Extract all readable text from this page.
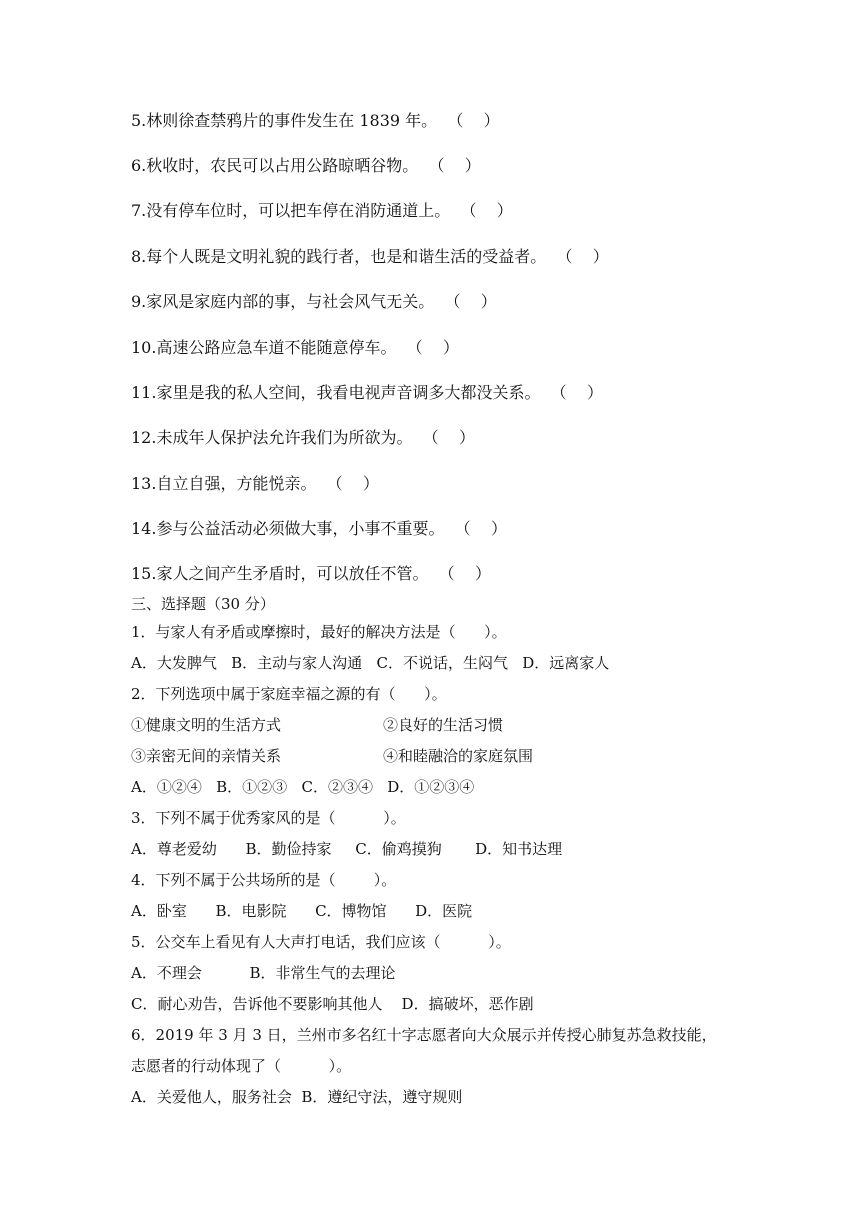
5.林则徐查禁鸦片的事件发生在 1839 年。  （    ）
6.秋收时，农民可以占用公路晾晒谷物。  （    ）
7.没有停车位时，可以把车停在消防通道上。  （    ）
8.每个人既是文明礼貌的践行者，也是和谐生活的受益者。  （    ）
9.家风是家庭内部的事，与社会风气无关。  （    ）
10.高速公路应急车道不能随意停车。  （    ）
11.家里是我的私人空间，我看电视声音调多大都没关系。  （    ）
12.未成年人保护法允许我们为所欲为。  （    ）
13.自立自强，方能悦亲。  （    ）
14.参与公益活动必须做大事，小事不重要。  （    ）
15.家人之间产生矛盾时，可以放任不管。  （    ）
三、选择题（30 分）
1．与家人有矛盾或摩擦时，最好的解决方法是（      ）。
A．大发脾气   B．主动与家人沟通   C．不说话，生闷气   D．远离家人
2．下列选项中属于家庭幸福之源的有（      ）。
①健康文明的生活方式	②良好的生活习惯
③亲密无间的亲情关系	④和睦融洽的家庭氛围
A．①②④   B．①②③   C．②③④   D．①②③④
3．下列不属于优秀家风的是（          ）。
A．尊老爱幼      B．勤俭持家     C．偷鸡摸狗       D．知书达理
4．下列不属于公共场所的是（        ）。
A．卧室      B．电影院      C．博物馆      D．医院
5．公交车上看见有人大声打电话，我们应该（          ）。
A．不理会          B．非常生气的去理论
C．耐心劝告，告诉他不要影响其他人    D．搞破坏，恶作剧
6．2019 年 3 月 3 日，兰州市多名红十字志愿者向大众展示并传授心肺复苏急救技能，
志愿者的行动体现了（          ）。
A．关爱他人，服务社会  B．遵纪守法，遵守规则
